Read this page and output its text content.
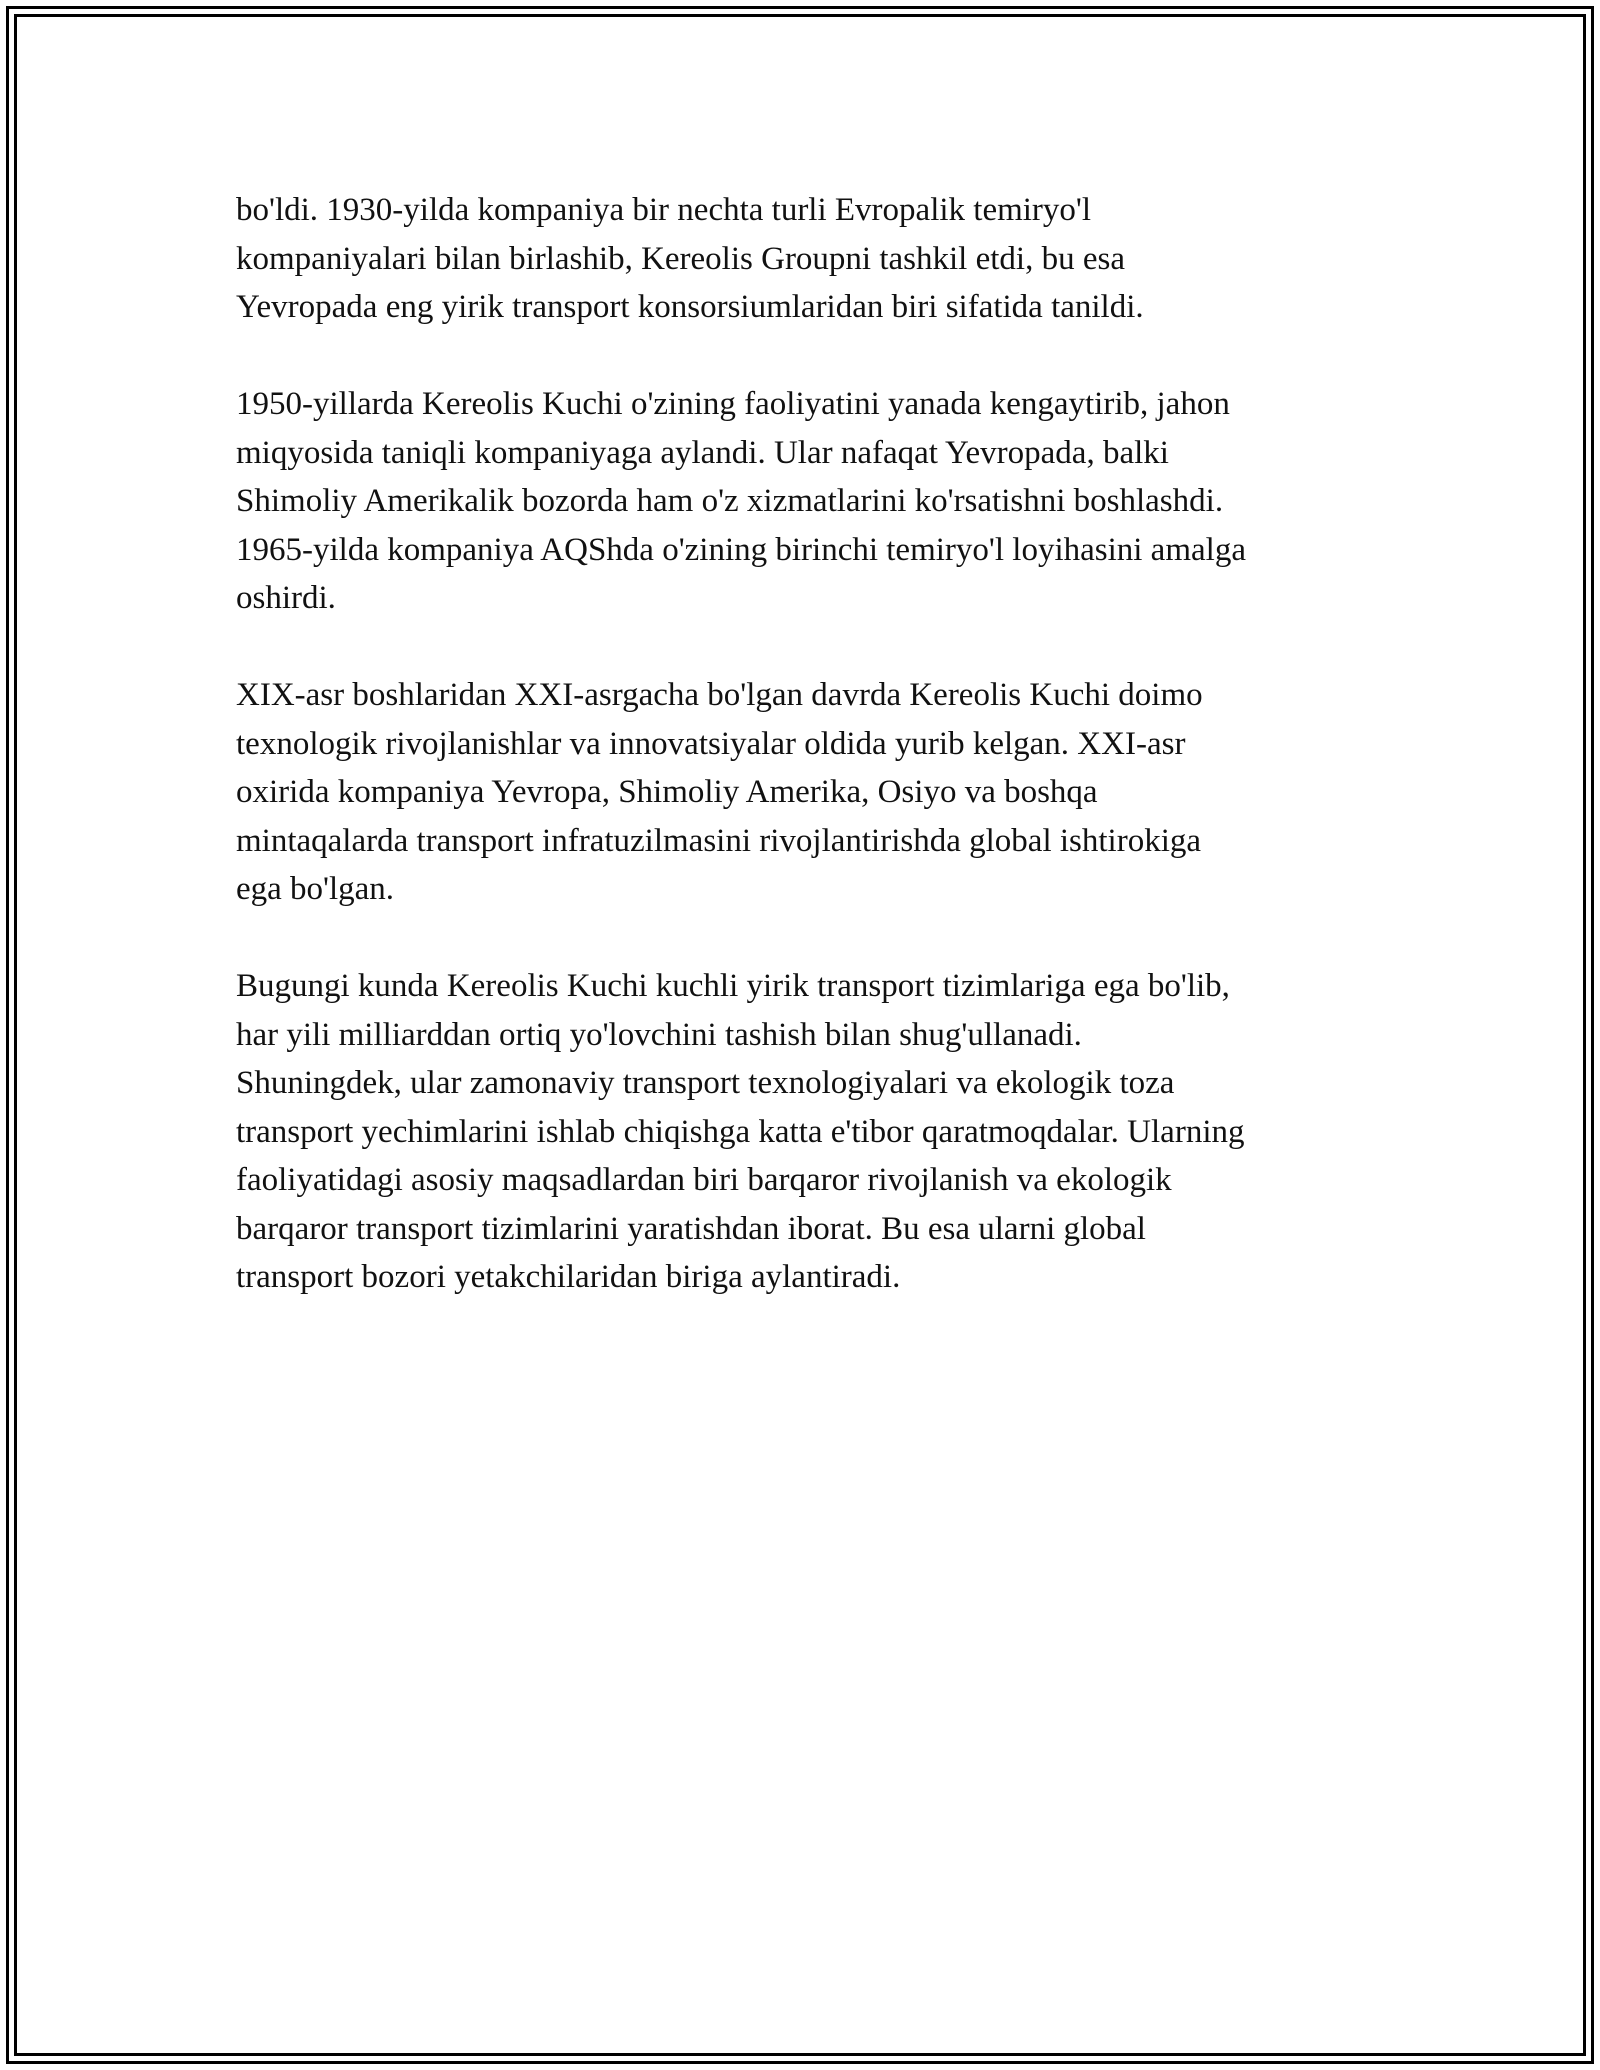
bo'ldi. 1930-yilda kompaniya bir nechta turli Evropalik temiryo'l
kompaniyalari bilan birlashib, Kereolis Groupni tashkil etdi, bu esa
Yevropada eng yirik transport konsorsiumlaridan biri sifatida tanildi.

1950-yillarda Kereolis Kuchi o'zining faoliyatini yanada kengaytirib, jahon
miqyosida taniqli kompaniyaga aylandi. Ular nafaqat Yevropada, balki
Shimoliy Amerikalik bozorda ham o'z xizmatlarini ko'rsatishni boshlashdi.
1965-yilda kompaniya AQShda o'zining birinchi temiryo'l loyihasini amalga
oshirdi.

XIX-asr boshlaridan XXI-asrgacha bo'lgan davrda Kereolis Kuchi doimo
texnologik rivojlanishlar va innovatsiyalar oldida yurib kelgan. XXI-asr
oxirida kompaniya Yevropa, Shimoliy Amerika, Osiyo va boshqa
mintaqalarda transport infratuzilmasini rivojlantirishda global ishtirokiga
ega bo'lgan.

Bugungi kunda Kereolis Kuchi kuchli yirik transport tizimlariga ega bo'lib,
har yili milliarddan ortiq yo'lovchini tashish bilan shug'ullanadi.
Shuningdek, ular zamonaviy transport texnologiyalari va ekologik toza
transport yechimlarini ishlab chiqishga katta e'tibor qaratmoqdalar. Ularning
faoliyatidagi asosiy maqsadlardan biri barqaror rivojlanish va ekologik
barqaror transport tizimlarini yaratishdan iborat. Bu esa ularni global
transport bozori yetakchilaridan biriga aylantiradi.
